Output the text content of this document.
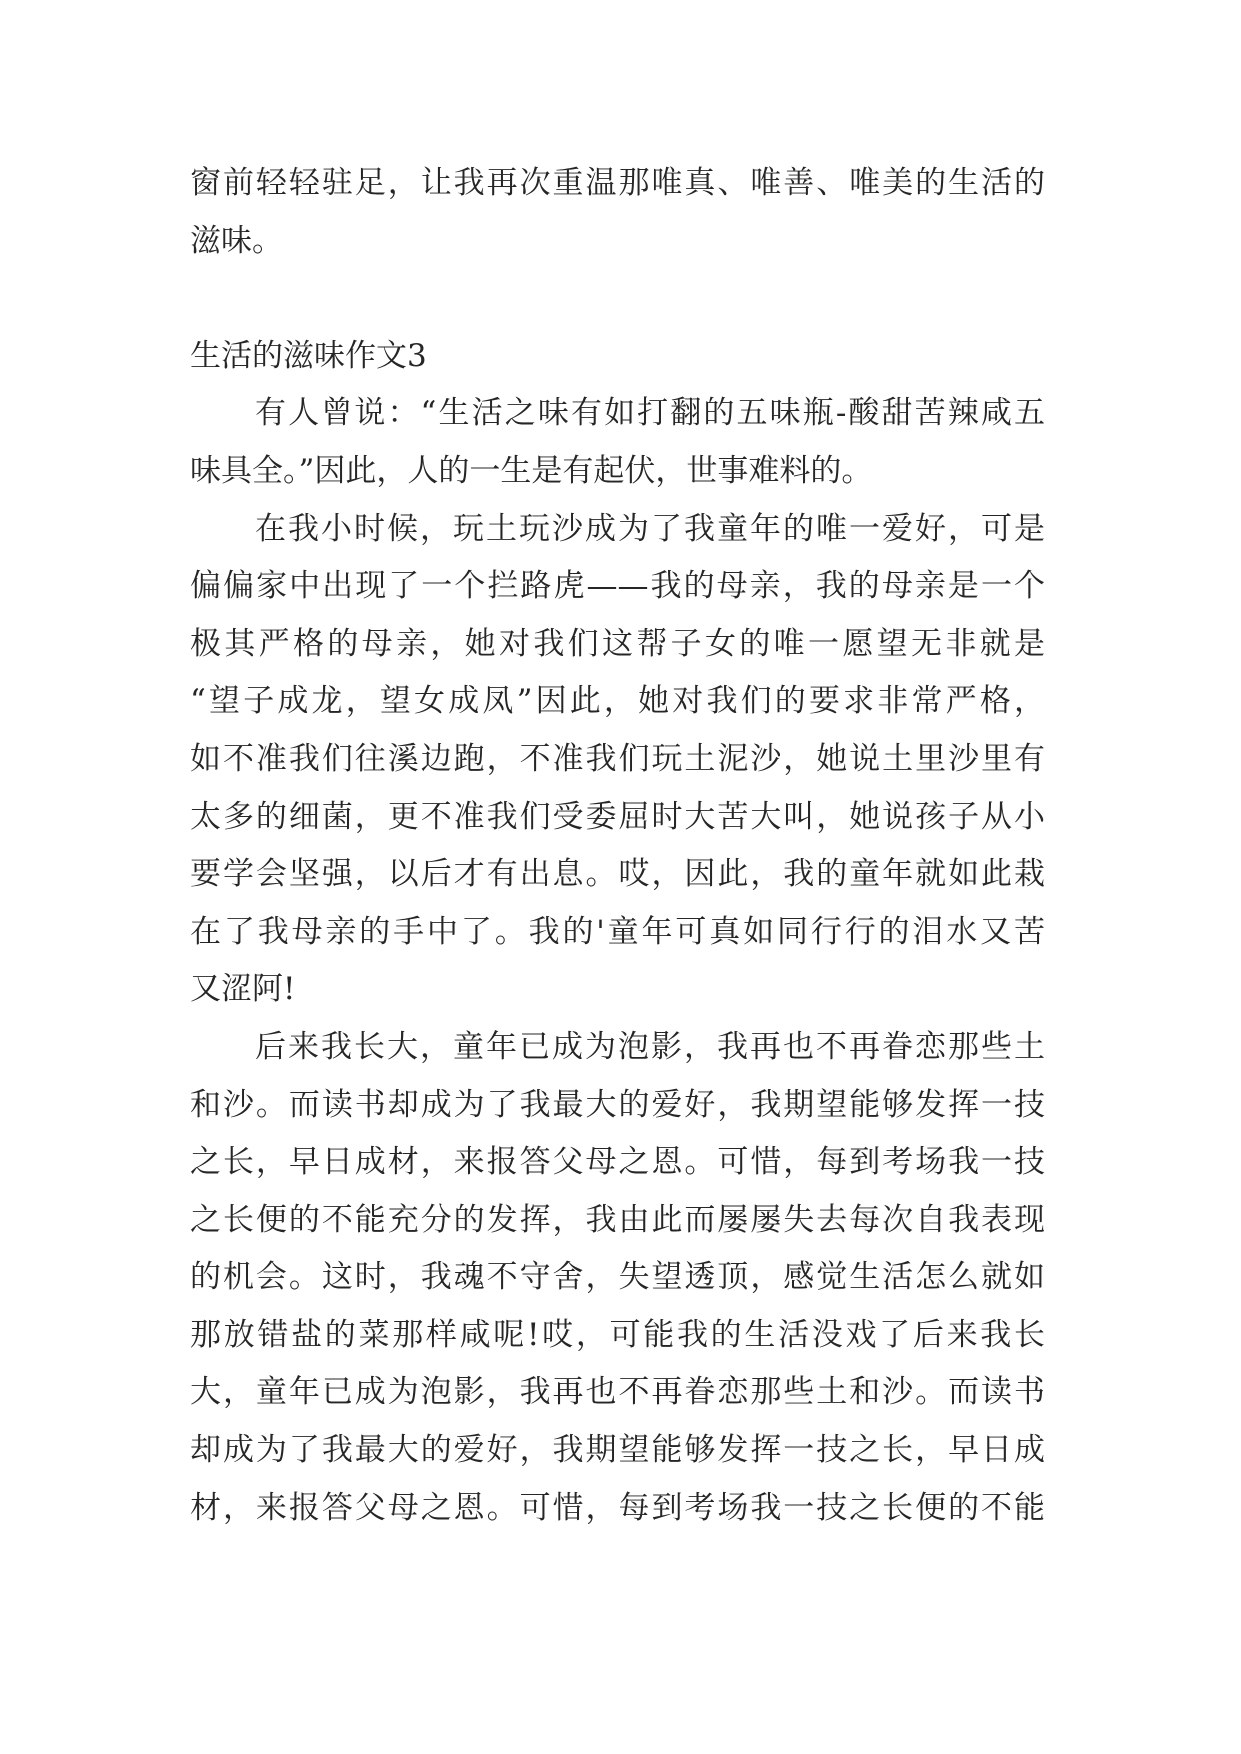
窗前轻轻驻足，让我再次重温那唯真、唯善、唯美的生活的
滋味。
生活的滋味作文3
有人曾说：“生活之味有如打翻的五味瓶-酸甜苦辣咸五
味具全。”因此，人的一生是有起伏，世事难料的。
在我小时候，玩土玩沙成为了我童年的唯一爱好，可是
偏偏家中出现了一个拦路虎——我的母亲，我的母亲是一个
极其严格的母亲，她对我们这帮子女的唯一愿望无非就是
“望子成龙，望女成凤”因此，她对我们的要求非常严格，
如不准我们往溪边跑，不准我们玩土泥沙，她说土里沙里有
太多的细菌，更不准我们受委屈时大苦大叫，她说孩子从小
要学会坚强，以后才有出息。哎，因此，我的童年就如此栽
在了我母亲的手中了。我的'童年可真如同行行的泪水又苦
又涩阿!
后来我长大，童年已成为泡影，我再也不再眷恋那些土
和沙。而读书却成为了我最大的爱好，我期望能够发挥一技
之长，早日成材，来报答父母之恩。可惜，每到考场我一技
之长便的不能充分的发挥，我由此而屡屡失去每次自我表现
的机会。这时，我魂不守舍，失望透顶，感觉生活怎么就如
那放错盐的菜那样咸呢!哎，可能我的生活没戏了后来我长
大，童年已成为泡影，我再也不再眷恋那些土和沙。而读书
却成为了我最大的爱好，我期望能够发挥一技之长，早日成
材，来报答父母之恩。可惜，每到考场我一技之长便的不能
